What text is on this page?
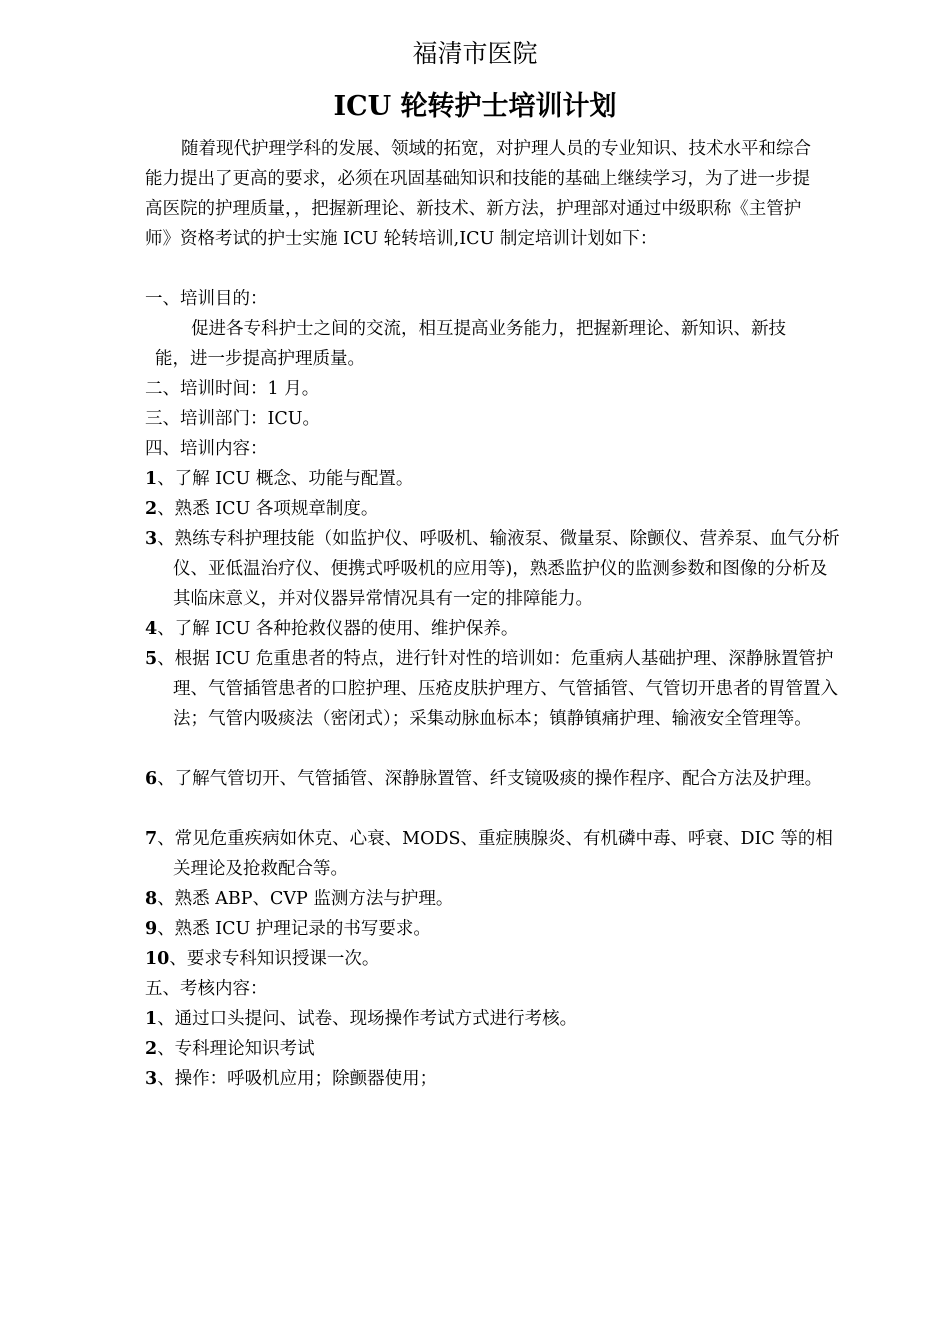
福清市医院
ICU 轮转护士培训计划

随着现代护理学科的发展、领域的拓宽，对护理人员的专业知识、技术水平和综合能力提出了更高的要求，必须在巩固基础知识和技能的基础上继续学习，为了进一步提高医院的护理质量，，把握新理论、新技术、新方法，护理部对通过中级职称《主管护师》资格考试的护士实施 ICU 轮转培训,ICU 制定培训计划如下：

一、培训目的：
促进各专科护士之间的交流，相互提高业务能力，把握新理论、新知识、新技能，进一步提高护理质量。
二、培训时间：1 月。
三、培训部门：ICU。
四、培训内容：
1、了解 ICU 概念、功能与配置。
2、熟悉 ICU 各项规章制度。
3、熟练专科护理技能（如监护仪、呼吸机、输液泵、微量泵、除颤仪、营养泵、血气分析仪、亚低温治疗仪、便携式呼吸机的应用等)，熟悉监护仪的监测参数和图像的分析及其临床意义，并对仪器异常情况具有一定的排障能力。
4、了解 ICU 各种抢救仪器的使用、维护保养。
5、根据 ICU 危重患者的特点，进行针对性的培训如：危重病人基础护理、深静脉置管护理、气管插管患者的口腔护理、压疮皮肤护理方、气管插管、气管切开患者的胃管置入法；气管内吸痰法（密闭式）；采集动脉血标本；镇静镇痛护理、输液安全管理等。
6、了解气管切开、气管插管、深静脉置管、纤支镜吸痰的操作程序、配合方法及护理。
7、常见危重疾病如休克、心衰、MODS、重症胰腺炎、有机磷中毒、呼衰、DIC 等的相关理论及抢救配合等。
8、熟悉 ABP、CVP 监测方法与护理。
9、熟悉 ICU 护理记录的书写要求。
10、要求专科知识授课一次。
五、考核内容：
1、通过口头提问、试卷、现场操作考试方式进行考核。
2、专科理论知识考试
3、操作：呼吸机应用；除颤器使用；
